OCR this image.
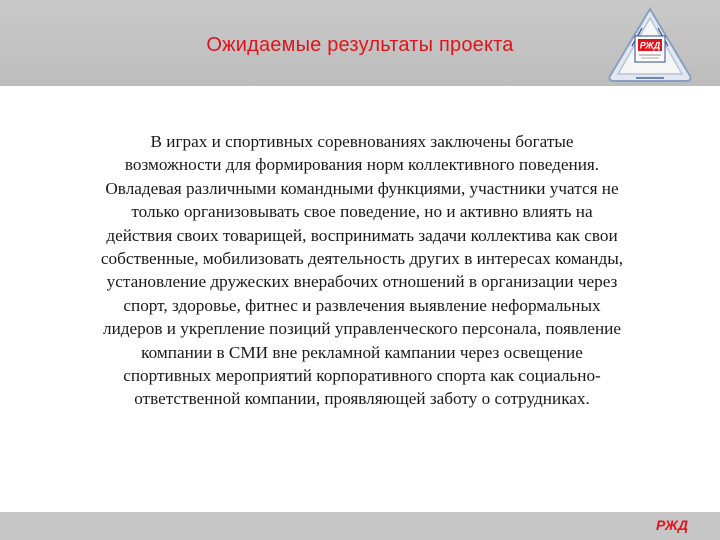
Ожидаемые результаты проекта	РЖД
В играх и спортивных соревнованиях заключены богатые
возможности для формирования норм коллективного поведения.
Овладевая различными командными функциями, участники учатся не
только организовывать свое поведение, но и активно влиять на
действия своих товарищей, воспринимать задачи коллектива как свои
собственные, мобилизовать деятельность других в интересах команды,
установление дружеских внерабочих отношений в организации через
спорт, здоровье, фитнес и развлечения выявление неформальных
лидеров и укрепление позиций управленческого персонала, появление
компании в СМИ вне рекламной кампании через освещение
спортивных мероприятий корпоративного спорта как социально-
ответственной компании, проявляющей заботу о сотрудниках.
РЖД
